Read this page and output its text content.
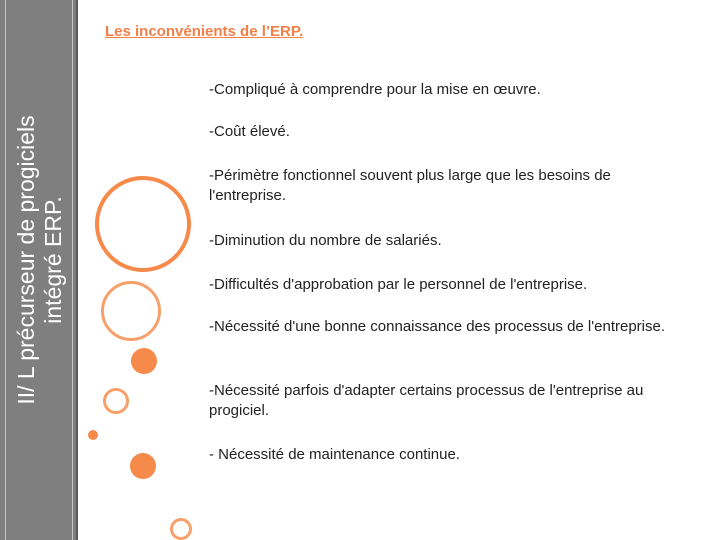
II/ L précurseur de progiciels intégré ERP.
Les inconvénients de l’ERP.
-Compliqué à comprendre pour la mise en œuvre.
-Coût élevé.
-Périmètre fonctionnel souvent plus large que les besoins de l'entreprise.
-Diminution du nombre de salariés.
-Difficultés d'approbation par le personnel de l'entreprise.
-Nécessité d'une bonne connaissance des processus de l'entreprise.
-Nécessité parfois d'adapter certains processus de l'entreprise au progiciel.
- Nécessité de maintenance continue.
